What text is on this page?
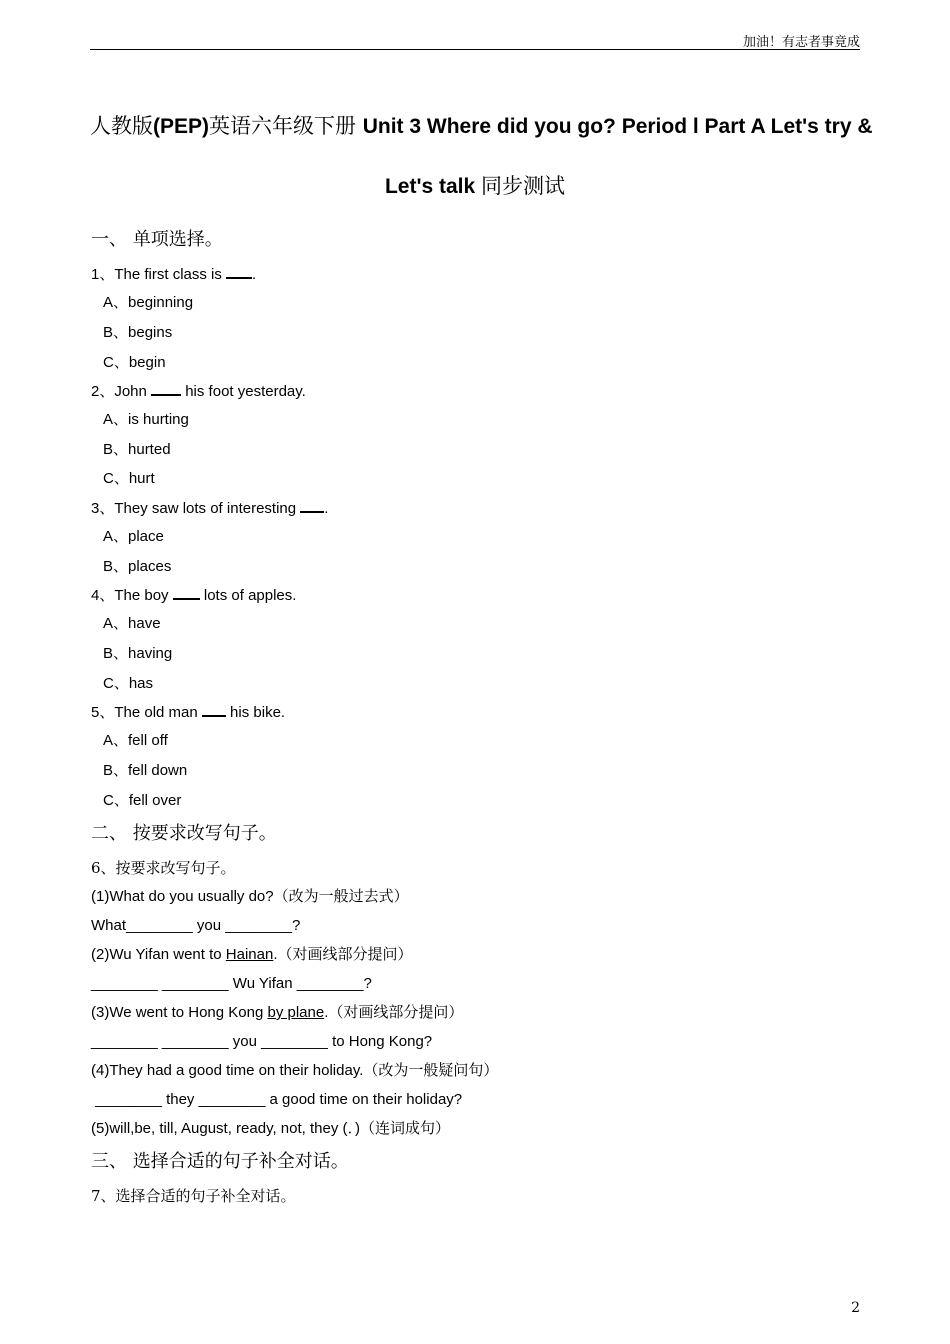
加油！有志者事竟成
人教版(PEP)英语六年级下册 Unit 3 Where did you go? Period l Part A Let's try &
Let's talk 同步测试
一、 单项选择。
1、The first class is .
A、beginning
B、begins
C、begin
2、John  his foot yesterday.
A、is hurting
B、hurted
C、hurt
3、They saw lots of interesting .
A、place
B、places
4、The boy  lots of apples.
A、have
B、having
C、has
5、The old man  his bike.
A、fell off
B、fell down
C、fell over
二、 按要求改写句子。
6、按要求改写句子。
(1)What do you usually do?（改为一般过去式）
What________ you ________?
(2)Wu Yifan went to Hainan.（对画线部分提问）
________ ________ Wu Yifan ________?
(3)We went to Hong Kong by plane.（对画线部分提问）
________ ________ you ________ to Hong Kong?
(4)They had a good time on their holiday.（改为一般疑问句）
________ they ________ a good time on their holiday?
(5)will,be, till, August, ready, not, they (．)（连词成句）
三、 选择合适的句子补全对话。
7、选择合适的句子补全对话。
2
